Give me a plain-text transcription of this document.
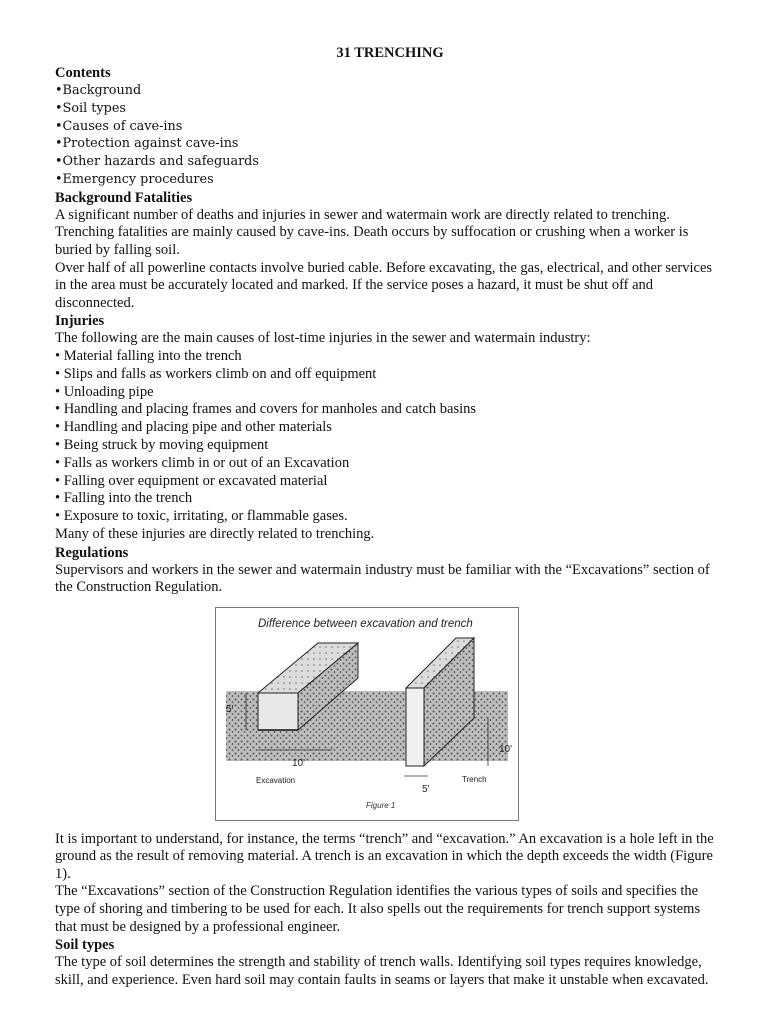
31 TRENCHING
Contents
•Background
•Soil types
•Causes of cave-ins
•Protection against cave-ins
•Other hazards and safeguards
•Emergency procedures
Background Fatalities

A significant number of deaths and injuries in sewer and watermain work are directly related to trenching. Trenching fatalities are mainly caused by cave-ins. Death occurs by suffocation or crushing when a worker is buried by falling soil.

Over half of all powerline contacts involve buried cable. Before excavating, the gas, electrical, and other services in the area must be accurately located and marked. If the service poses a hazard, it must be shut off and disconnected.

Injuries

The following are the main causes of lost-time injuries in the sewer and watermain industry:

• Material falling into the trench
• Slips and falls as workers climb on and off equipment
• Unloading pipe
• Handling and placing frames and covers for manholes and catch basins
• Handling and placing pipe and other materials
• Being struck by moving equipment
• Falls as workers climb in or out of an Excavation
• Falling over equipment or excavated material
• Falling into the trench
• Exposure to toxic, irritating, or flammable gases.

Many of these injuries are directly related to trenching.

Regulations

Supervisors and workers in the sewer and watermain industry must be familiar with the “Excavations” section of the Construction Regulation.

Difference between excavation and trench
5'
10'
Excavation
10'
5'
Trench
Figure 1

It is important to understand, for instance, the terms “trench” and “excavation.” An excavation is a hole left in the ground as the result of removing material. A trench is an excavation in which the depth exceeds the width (Figure 1).

The “Excavations” section of the Construction Regulation identifies the various types of soils and specifies the type of shoring and timbering to be used for each. It also spells out the requirements for trench support systems that must be designed by a professional engineer.

Soil types

The type of soil determines the strength and stability of trench walls. Identifying soil types requires knowledge, skill, and experience. Even hard soil may contain faults in seams or layers that make it unstable when excavated.
